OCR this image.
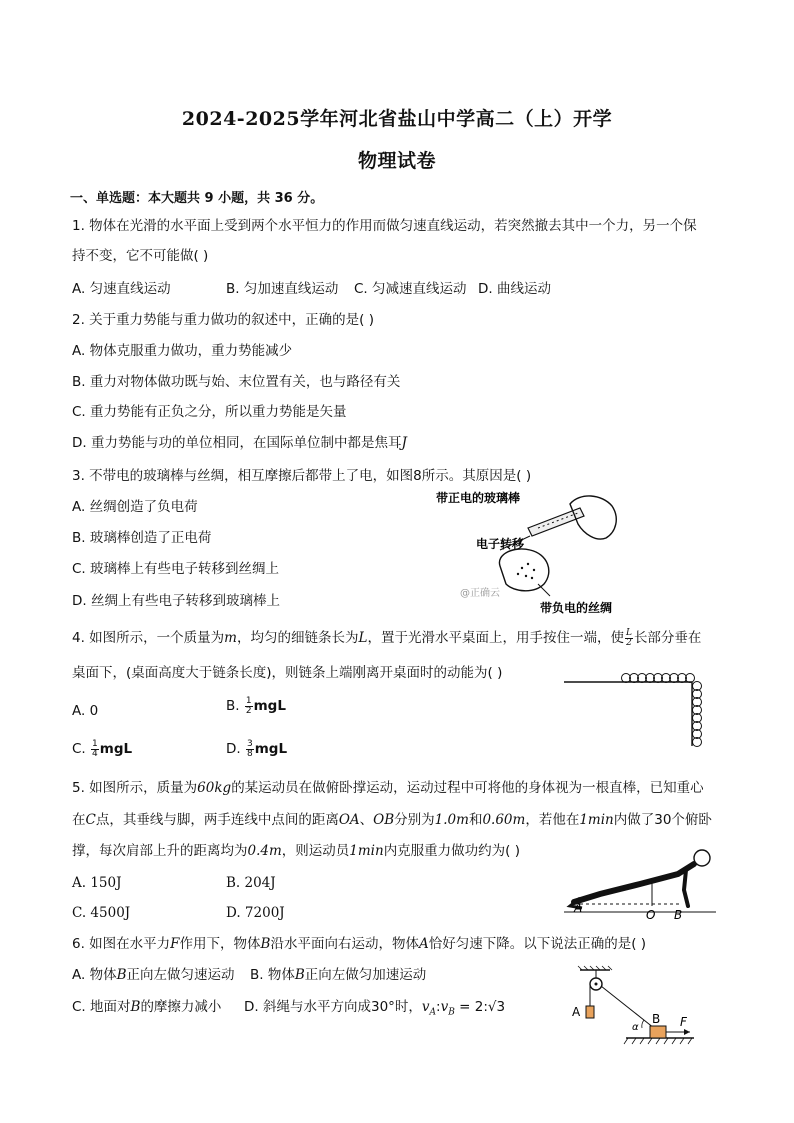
2024-2025学年河北省盐山中学高二（上）开学
物理试卷
一、单选题：本大题共 9 小题，共 36 分。
1. 物体在光滑的水平面上受到两个水平恒力的作用而做匀速直线运动，若突然撤去其中一个力，另一个保
持不变，它不可能做( )
A. 匀速直线运动	B. 匀加速直线运动 C. 匀减速直线运动 D. 曲线运动
2. 关于重力势能与重力做功的叙述中，正确的是( )
A. 物体克服重力做功，重力势能减少
B. 重力对物体做功既与始、末位置有关，也与路径有关
C. 重力势能有正负之分，所以重力势能是矢量
D. 重力势能与功的单位相同，在国际单位制中都是焦耳J
3. 不带电的玻璃棒与丝绸，相互摩擦后都带上了电，如图8所示。其原因是( )
A. 丝绸创造了负电荷
B. 玻璃棒创造了正电荷
C. 玻璃棒上有些电子转移到丝绸上
D. 丝绸上有些电子转移到玻璃棒上
带正电的玻璃棒
电子转移
带负电的丝绸
@正确云
4. 如图所示，一个质量为m，均匀的细链条长为L，置于光滑水平桌面上，用手按住一端，使 $\frac{L}{2}$ 长部分垂在
桌面下，(桌面高度大于链条长度)，则链条上端刚离开桌面时的动能为( )
A. 0	B. $\frac{1}{2}$ mgL
C. $\frac{1}{4}$ mgL	D. $\frac{3}{8}$ mgL
5. 如图所示，质量为60kg的某运动员在做俯卧撑运动，运动过程中可将他的身体视为一根直棒，已知重心
在C点，其垂线与脚，两手连线中点间的距离OA、OB分别为1.0m和0.60m，若他在1min内做了30个俯卧
撑，每次肩部上升的距离均为0.4m，则运动员1min内克服重力做功约为( )
A. 150J	B. 204J
C. 4500J	D. 7200J	A	O B
6. 如图在水平力F作用下，物体B沿水平面向右运动，物体A恰好匀速下降。以下说法正确的是( )
A. 物体B正向左做匀速运动 B. 物体B正向左做匀加速运动
C. 地面对B的摩擦力减小 D. 斜绳与水平方向成30°时，$v_A:v_B$ = 2:√3	A	B F
α
